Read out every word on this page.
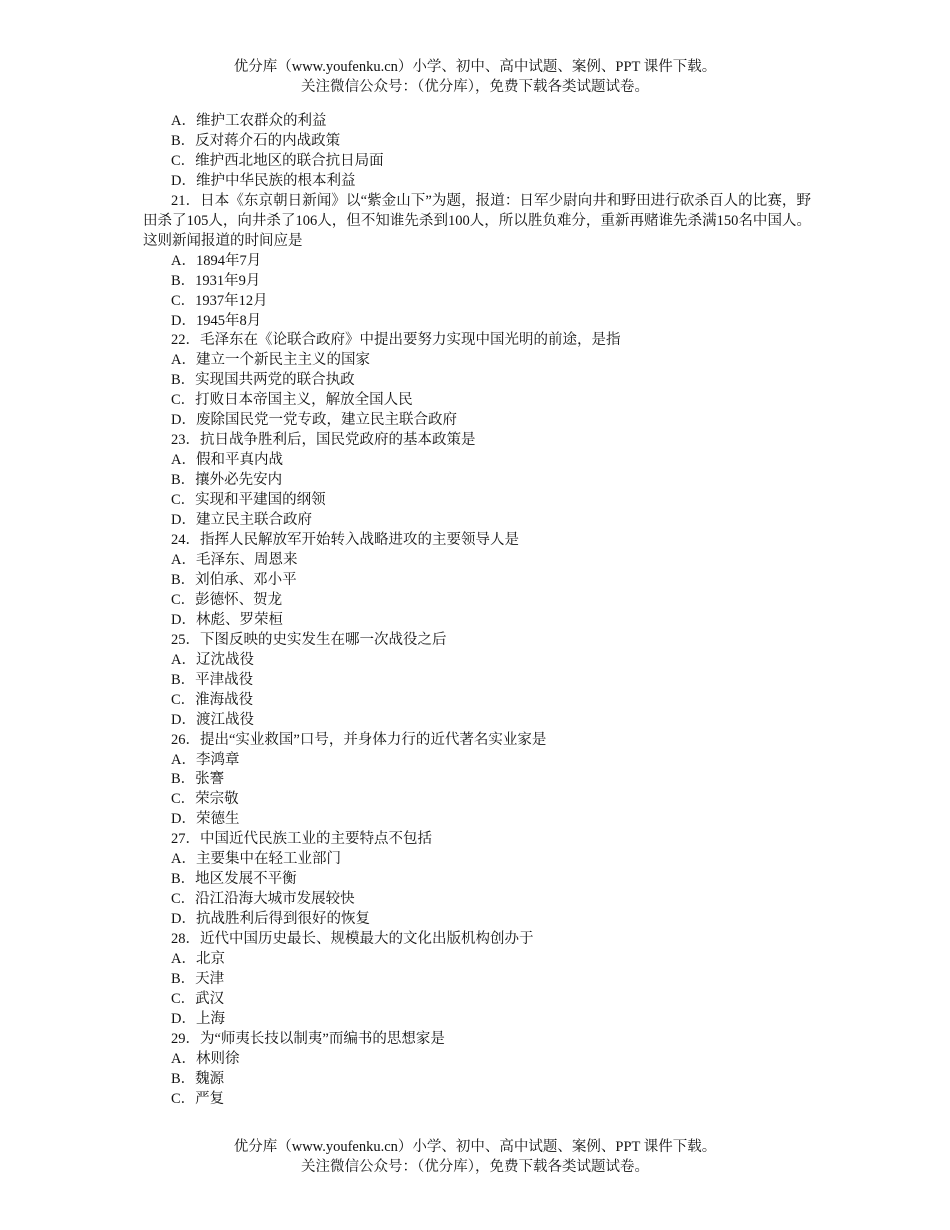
优分库（www.youfenku.cn）小学、初中、高中试题、案例、PPT 课件下载。
关注微信公众号：（优分库），免费下载各类试题试卷。
A．维护工农群众的利益
B．反对蒋介石的内战政策
C．维护西北地区的联合抗日局面
D．维护中华民族的根本利益
21．日本《东京朝日新闻》以“紫金山下”为题，报道：日军少尉向井和野田进行砍杀百人的比赛，野田杀了105人，向井杀了106人，但不知谁先杀到100人，所以胜负难分，重新再赌谁先杀满150名中国人。这则新闻报道的时间应是
A．1894年7月
B．1931年9月
C．1937年12月
D．1945年8月
22．毛泽东在《论联合政府》中提出要努力实现中国光明的前途，是指
A．建立一个新民主主义的国家
B．实现国共两党的联合执政
C．打败日本帝国主义，解放全国人民
D．废除国民党一党专政，建立民主联合政府
23．抗日战争胜利后，国民党政府的基本政策是
A．假和平真内战
B．攘外必先安内
C．实现和平建国的纲领
D．建立民主联合政府
24．指挥人民解放军开始转入战略进攻的主要领导人是
A．毛泽东、周恩来
B．刘伯承、邓小平
C．彭德怀、贺龙
D．林彪、罗荣桓
25．下图反映的史实发生在哪一次战役之后
A．辽沈战役
B．平津战役
C．淮海战役
D．渡江战役
26．提出“实业救国”口号，并身体力行的近代著名实业家是
A．李鸿章
B．张謇
C．荣宗敬
D．荣德生
27．中国近代民族工业的主要特点不包括
A．主要集中在轻工业部门
B．地区发展不平衡
C．沿江沿海大城市发展较快
D．抗战胜利后得到很好的恢复
28．近代中国历史最长、规模最大的文化出版机构创办于
A．北京
B．天津
C．武汉
D．上海
29．为“师夷长技以制夷”而编书的思想家是
A．林则徐
B．魏源
C．严复
优分库（www.youfenku.cn）小学、初中、高中试题、案例、PPT 课件下载。
关注微信公众号：（优分库），免费下载各类试题试卷。
